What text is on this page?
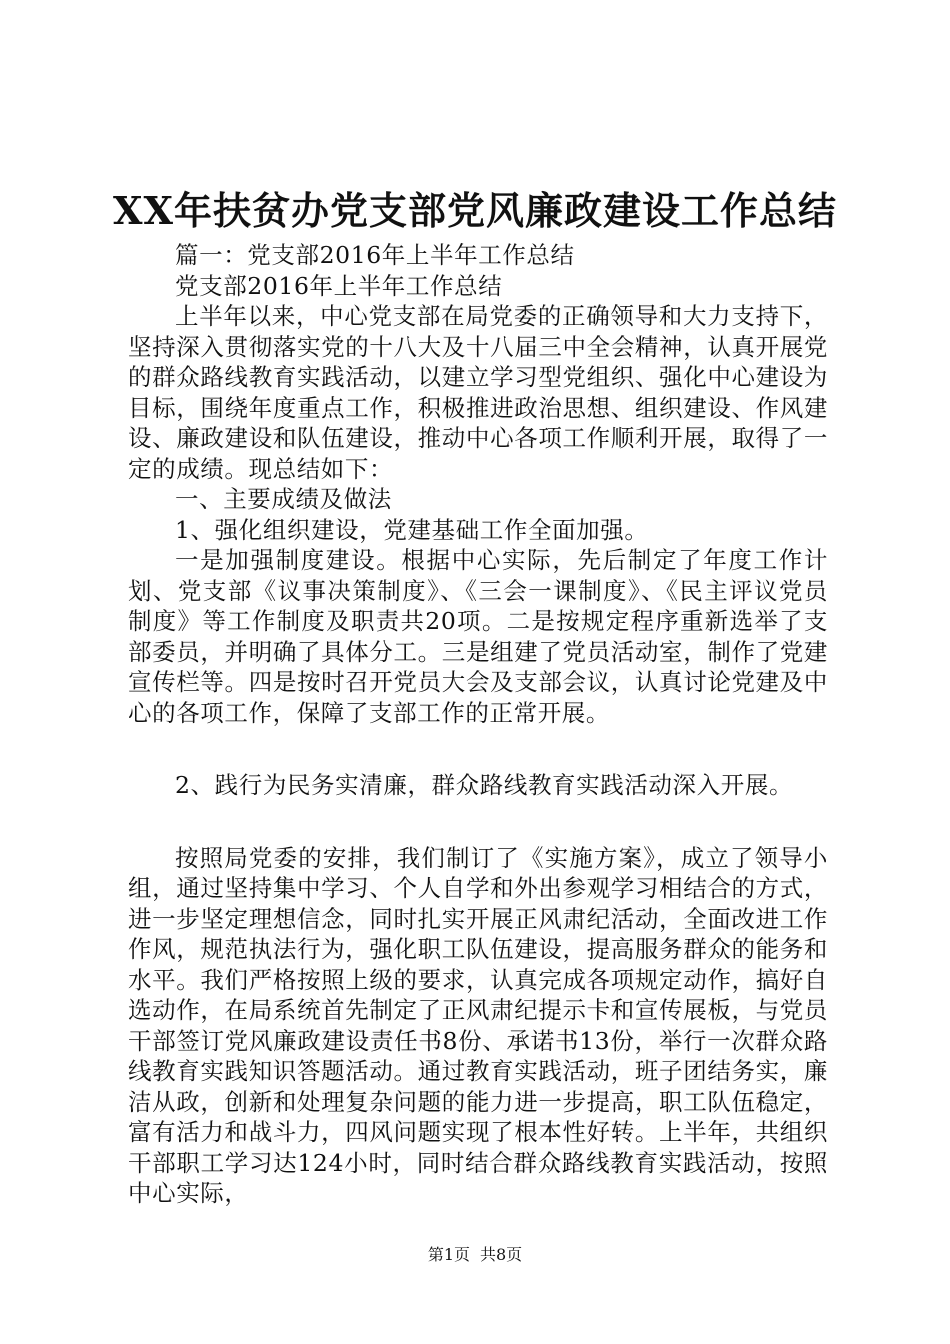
XX年扶贫办党支部党风廉政建设工作总结

篇一：党支部2016年上半年工作总结

党支部2016年上半年工作总结

上半年以来，中心党支部在局党委的正确领导和大力支持下，坚持深入贯彻落实党的十八大及十八届三中全会精神，认真开展党的群众路线教育实践活动，以建立学习型党组织、强化中心建设为目标，围绕年度重点工作，积极推进政治思想、组织建设、作风建设、廉政建设和队伍建设，推动中心各项工作顺利开展，取得了一定的成绩。现总结如下：

一、主要成绩及做法

1、强化组织建设，党建基础工作全面加强。

一是加强制度建设。根据中心实际，先后制定了年度工作计划、党支部《议事决策制度》、《三会一课制度》、《民主评议党员制度》等工作制度及职责共20项。二是按规定程序重新选举了支部委员，并明确了具体分工。三是组建了党员活动室，制作了党建宣传栏等。四是按时召开党员大会及支部会议，认真讨论党建及中心的各项工作，保障了支部工作的正常开展。

2、践行为民务实清廉，群众路线教育实践活动深入开展。

按照局党委的安排，我们制订了《实施方案》，成立了领导小组，通过坚持集中学习、个人自学和外出参观学习相结合的方式，进一步坚定理想信念，同时扎实开展正风肃纪活动，全面改进工作作风，规范执法行为，强化职工队伍建设，提高服务群众的能务和水平。我们严格按照上级的要求，认真完成各项规定动作，搞好自选动作，在局系统首先制定了正风肃纪提示卡和宣传展板，与党员干部签订党风廉政建设责任书8份、承诺书13份，举行一次群众路线教育实践知识答题活动。通过教育实践活动，班子团结务实，廉洁从政，创新和处理复杂问题的能力进一步提高，职工队伍稳定，富有活力和战斗力，四风问题实现了根本性好转。上半年，共组织干部职工学习达124小时，同时结合群众路线教育实践活动，按照中心实际，

第1页 共8页
